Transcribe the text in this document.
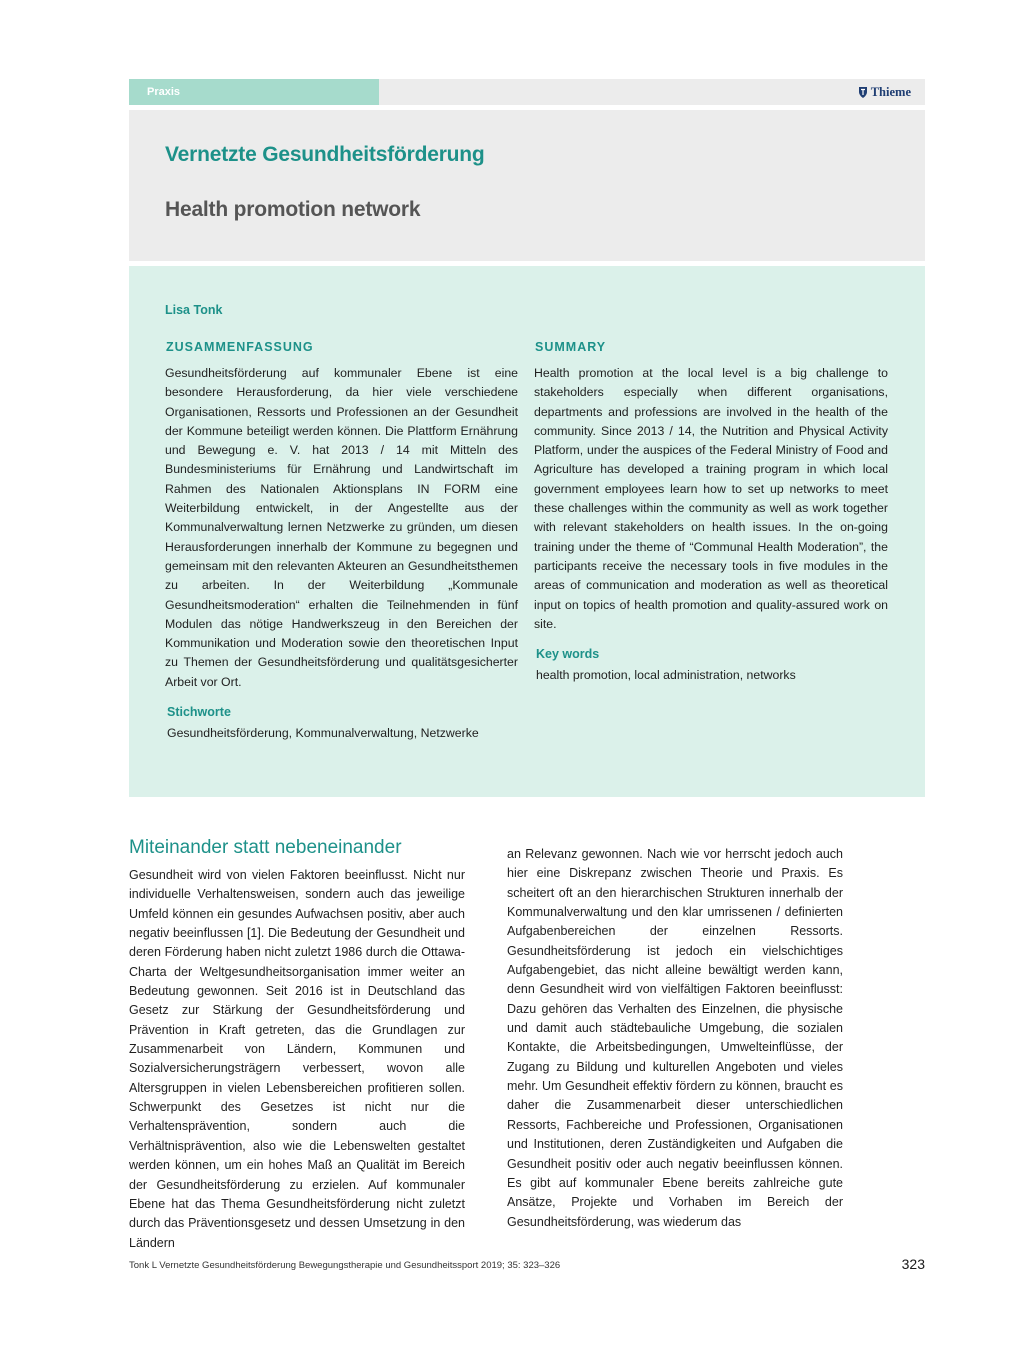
Praxis	Thieme
Vernetzte Gesundheitsförderung
Health promotion network
Lisa Tonk
ZUSAMMENFASSUNG

Gesundheitsförderung auf kommunaler Ebene ist eine besondere Herausforderung, da hier viele verschiedene Organisationen, Ressorts und Professionen an der Gesundheit der Kommune beteiligt werden können. Die Plattform Ernährung und Bewegung e. V. hat 2013 / 14 mit Mitteln des Bundesministeriums für Ernährung und Landwirtschaft im Rahmen des Nationalen Aktionsplans IN FORM eine Weiterbildung entwickelt, in der Angestellte aus der Kommunalverwaltung lernen Netzwerke zu gründen, um diesen Herausforderungen innerhalb der Kommune zu begegnen und gemeinsam mit den relevanten Akteuren an Gesundheitsthemen zu arbeiten. In der Weiterbildung „Kommunale Gesundheitsmoderation“ erhalten die Teilnehmenden in fünf Modulen das nötige Handwerkszeug in den Bereichen der Kommunikation und Moderation sowie den theoretischen Input zu Themen der Gesundheitsförderung und qualitätsgesicherter Arbeit vor Ort.

Stichworte

Gesundheitsförderung, Kommunalverwaltung, Netzwerke

SUMMARY

Health promotion at the local level is a big challenge to stakeholders especially when different organisations, departments and professions are involved in the health of the community. Since 2013 / 14, the Nutrition and Physical Activity Platform, under the auspices of the Federal Ministry of Food and Agriculture has developed a training program in which local government employees learn how to set up networks to meet these challenges within the community as well as work together with relevant stakeholders on health issues. In the on-going training under the theme of “Communal Health Moderation”, the participants receive the necessary tools in five modules in the areas of communication and moderation as well as theoretical input on topics of health promotion and quality-assured work on site.

Key words

health promotion, local administration, networks

Miteinander statt nebeneinander

Gesundheit wird von vielen Faktoren beeinflusst. Nicht nur individuelle Verhaltensweisen, sondern auch das jeweilige Umfeld können ein gesundes Aufwachsen positiv, aber auch negativ beeinflussen [1]. Die Bedeutung der Gesundheit und deren Förderung haben nicht zuletzt 1986 durch die Ottawa-Charta der Weltgesundheitsorganisation immer weiter an Bedeutung gewonnen. Seit 2016 ist in Deutschland das Gesetz zur Stärkung der Gesundheitsförderung und Prävention in Kraft getreten, das die Grundlagen zur Zusammenarbeit von Ländern, Kommunen und Sozialversicherungsträgern verbessert, wovon alle Altersgruppen in vielen Lebensbereichen profitieren sollen. Schwerpunkt des Gesetzes ist nicht nur die Verhaltensprävention, sondern auch die Verhältnisprävention, also wie die Lebenswelten gestaltet werden können, um ein hohes Maß an Qualität im Bereich der Gesundheitsförderung zu erzielen. Auf kommunaler Ebene hat das Thema Gesundheitsförderung nicht zuletzt durch das Präventionsgesetz und dessen Umsetzung in den Ländern

an Relevanz gewonnen. Nach wie vor herrscht jedoch auch hier eine Diskrepanz zwischen Theorie und Praxis. Es scheitert oft an den hierarchischen Strukturen innerhalb der Kommunalverwaltung und den klar umrissenen / definierten Aufgabenbereichen der einzelnen Ressorts. Gesundheitsförderung ist jedoch ein vielschichtiges Aufgabengebiet, das nicht alleine bewältigt werden kann, denn Gesundheit wird von vielfältigen Faktoren beeinflusst: Dazu gehören das Verhalten des Einzelnen, die physische und damit auch städtebauliche Umgebung, die sozialen Kontakte, die Arbeitsbedingungen, Umwelteinflüsse, der Zugang zu Bildung und kulturellen Angeboten und vieles mehr. Um Gesundheit effektiv fördern zu können, braucht es daher die Zusammenarbeit dieser unterschiedlichen Ressorts, Fachbereiche und Professionen, Organisationen und Institutionen, deren Zuständigkeiten und Aufgaben die Gesundheit positiv oder auch negativ beeinflussen können. Es gibt auf kommunaler Ebene bereits zahlreiche gute Ansätze, Projekte und Vorhaben im Bereich der Gesundheitsförderung, was wiederum das

Tonk L Vernetzte Gesundheitsförderung Bewegungstherapie und Gesundheitssport 2019; 35: 323–326	323
